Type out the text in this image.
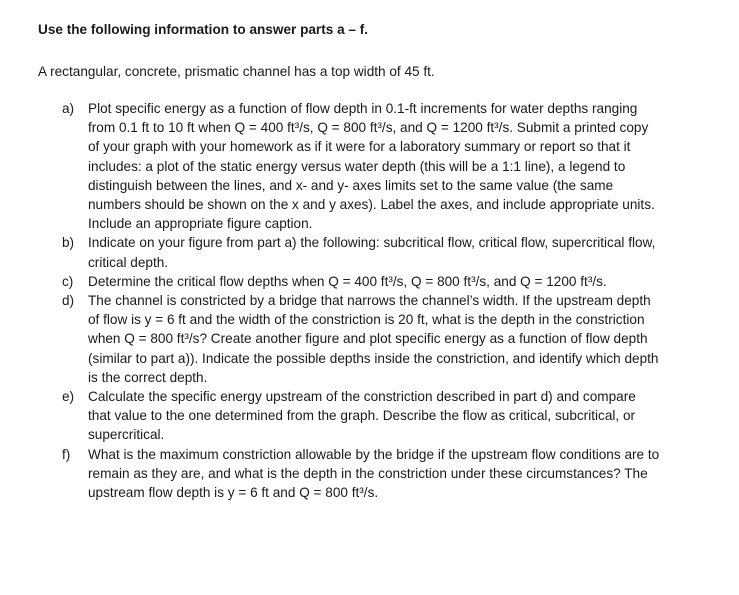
Use the following information to answer parts a – f.
A rectangular, concrete, prismatic channel has a top width of 45 ft.
a) Plot specific energy as a function of flow depth in 0.1-ft increments for water depths ranging from 0.1 ft to 10 ft when Q = 400 ft³/s, Q = 800 ft³/s, and Q = 1200 ft³/s. Submit a printed copy of your graph with your homework as if it were for a laboratory summary or report so that it includes: a plot of the static energy versus water depth (this will be a 1:1 line), a legend to distinguish between the lines, and x- and y- axes limits set to the same value (the same numbers should be shown on the x and y axes). Label the axes, and include appropriate units. Include an appropriate figure caption.
b) Indicate on your figure from part a) the following: subcritical flow, critical flow, supercritical flow, critical depth.
c) Determine the critical flow depths when Q = 400 ft³/s, Q = 800 ft³/s, and Q = 1200 ft³/s.
d) The channel is constricted by a bridge that narrows the channel’s width. If the upstream depth of flow is y = 6 ft and the width of the constriction is 20 ft, what is the depth in the constriction when Q = 800 ft³/s? Create another figure and plot specific energy as a function of flow depth (similar to part a)). Indicate the possible depths inside the constriction, and identify which depth is the correct depth.
e) Calculate the specific energy upstream of the constriction described in part d) and compare that value to the one determined from the graph. Describe the flow as critical, subcritical, or supercritical.
f) What is the maximum constriction allowable by the bridge if the upstream flow conditions are to remain as they are, and what is the depth in the constriction under these circumstances? The upstream flow depth is y = 6 ft and Q = 800 ft³/s.
